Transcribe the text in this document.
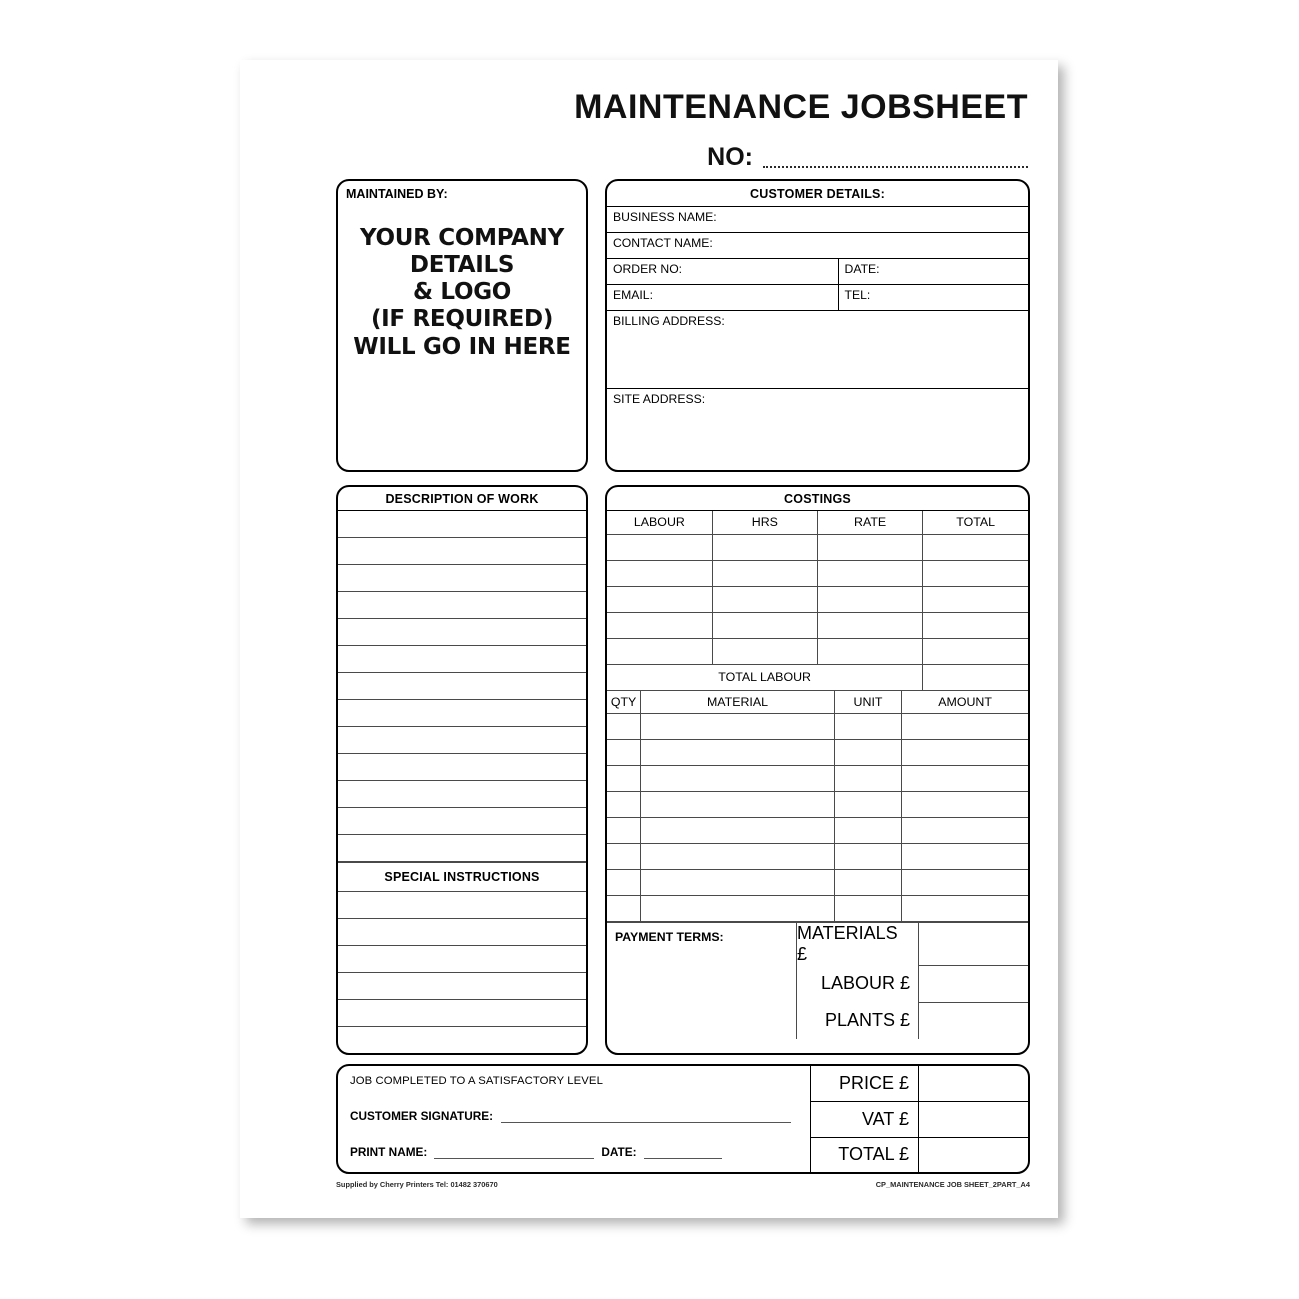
MAINTENANCE JOBSHEET
NO:
MAINTAINED BY:
YOUR COMPANY
DETAILS
& LOGO
(IF REQUIRED)
WILL GO IN HERE
CUSTOMER DETAILS:
BUSINESS NAME:
CONTACT NAME:
ORDER NO:	DATE:
EMAIL:	TEL:
BILLING ADDRESS:
SITE ADDRESS:
DESCRIPTION OF WORK
SPECIAL INSTRUCTIONS
COSTINGS
LABOUR	HRS	RATE	TOTAL

TOTAL LABOUR			
QTY	MATERIAL	UNIT	AMOUNT

PAYMENT TERMS:	MATERIALS £
LABOUR £
PLANTS £
JOB COMPLETED TO A SATISFACTORY LEVEL
CUSTOMER SIGNATURE:
PRINT NAME:	DATE:
PRICE £
VAT £
TOTAL £
Supplied by Cherry Printers Tel: 01482 370670	CP_MAINTENANCE JOB SHEET_2PART_A4
